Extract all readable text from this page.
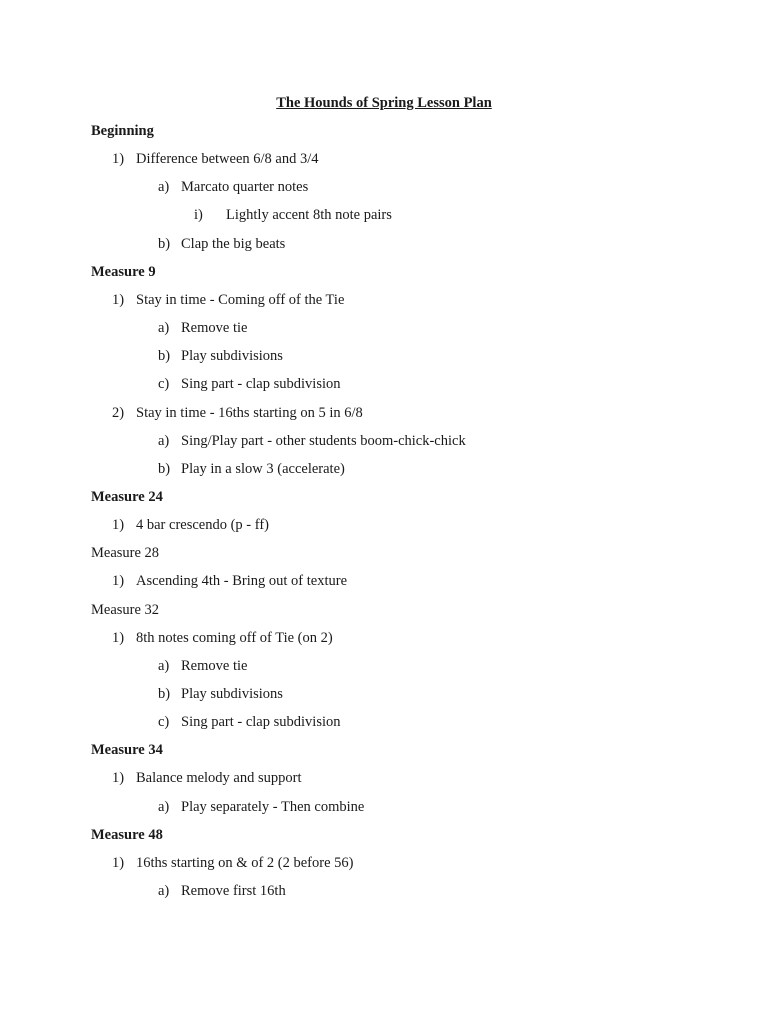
The Hounds of Spring Lesson Plan
Beginning
1) Difference between 6/8 and 3/4
a) Marcato quarter notes
i) Lightly accent 8th note pairs
b) Clap the big beats
Measure 9
1) Stay in time - Coming off of the Tie
a) Remove tie
b) Play subdivisions
c) Sing part - clap subdivision
2) Stay in time - 16ths starting on 5 in 6/8
a) Sing/Play part - other students boom-chick-chick
b) Play in a slow 3 (accelerate)
Measure 24
1) 4 bar crescendo (p - ff)
Measure 28
1) Ascending 4th - Bring out of texture
Measure 32
1) 8th notes coming off of Tie (on 2)
a) Remove tie
b) Play subdivisions
c) Sing part - clap subdivision
Measure 34
1) Balance melody and support
a) Play separately - Then combine
Measure 48
1) 16ths starting on & of 2 (2 before 56)
a) Remove first 16th
